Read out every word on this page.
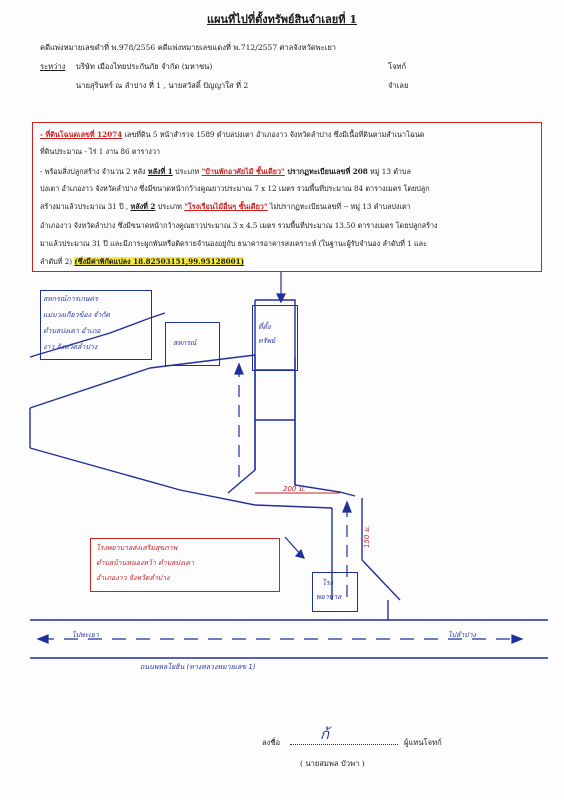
แผนที่ไปที่ตั้งทรัพย์สินจำเลยที่ 1
คดีแพ่งหมายเลขดำที่ พ.978/2556 คดีแพ่งหมายเลขแดงที่ พ.712/2557 ศาลจังหวัดพะเยา
ระหว่าง บริษัท เมืองไทยประกันภัย จำกัด (มหาชน)	โจทก์
นายสุรินทร์ ณ ลำปาง ที่ 1 , นายสวัสดิ์ ปัญญาใส ที่ 2	จำเลย
- ที่ดินโฉนดเลขที่ 12074 เลขที่ดิน 5 หน้าสำรวจ 1589 ตำบลปงเตา อำเภองาว จังหวัดลำปาง ซึ่งมีเนื้อที่ดินตามสำเนาโฉนด
ที่ดินประมาณ - ไร่ 1 งาน 86 ตารางวา
- พร้อมสิ่งปลูกสร้าง จำนวน 2 หลัง หลังที่ 1 ประเภท "บ้านพักอาศัยไม้ ชั้นเดียว" ปรากฏทะเบียนเลขที่ 208 หมู่ 13 ตำบล
ปงเตา อำเภองาว จังหวัดลำปาง ซึ่งมีขนาดหน้ากว้างคูณยาวประมาณ 7 x 12 เมตร รวมพื้นที่ประมาณ 84 ตารางเมตร โดยปลูก
สร้างมาแล้วประมาณ 31 ปี , หลังที่ 2 ประเภท "โรงเรือนไม้อื่นๆ ชั้นเดียว" ไม่ปรากฏทะเบียนเลขที่ -- หมู่ 13 ตำบลปงเตา
อำเภองาว จังหวัดลำปาง ซึ่งมีขนาดหน้ากว้างคูณยาวประมาณ 3 x 4.5 เมตร รวมพื้นที่ประมาณ 13.50 ตารางเมตร โดยปลูกสร้าง
มาแล้วประมาณ 31 ปี และมีภาระผูกพันหรือติดรายจำนองอยู่กับ ธนาคารอาคารสงเคราะห์ (ในฐานะผู้รับจำนอง ลำดับที่ 1 และ
ลำดับที่ 2) (ซึ่งมีค่าพิกัดแปลง 18.82503151,99.95128001)
สหกรณ์การเกษตร
แม่บวงเกียวข้อง จำกัด
ตำบลปงเตา อำเภอ
งาว จังหวัดลำปาง	สหกรณ์
ที่ตั้ง
ทรัพย์
200 ม.
โรงพยาบาลส่งเสริมสุขภาพ
ตำบลบ้านหนองหว้า ตำบลปงเตา
อำเภองาว จังหวัดลำปาง
โรง
พยาบาล
150 ม.
ไปพะเยา	ไปลำปาง
ถนนพหลโยธิน (ทางหลวงหมายเลข 1)
ลงชื่อ	ก้	ผู้แทนโจทก์
( นายสมพล บัวพา )
